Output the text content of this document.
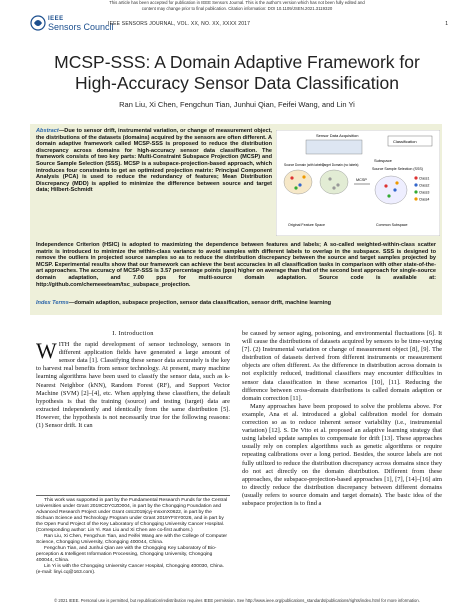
This article has been accepted for publication in IEEE Sensors Journal. This is the author's version which has not been fully edited and
content may change prior to final publication. Citation information: DOI 10.1109/JSEN.2021.3119320
IEEE
Sensors Council
IEEE SENSORS JOURNAL, VOL. XX, NO. XX, XXXX 2017	1
MCSP-SSS: A Domain Adaptive Framework for
High-Accuracy Sensor Data Classification
Ran Liu, Xi Chen, Fengchun Tian, Junhui Qian, Feifei Wang, and Lin Yi
Abstract—Due to sensor drift, instrumental variation, or change of measurement object, the distributions of the datasets (domains) acquired by the sensors are often different. A domain adaptive framework called MCSP-SSS is proposed to reduce the distribution discrepancy across domains for high-accuracy sensor data classification. The framework consists of two key parts: Multi-Constraint Subspace Projection (MCSP) and Source Sample Selection (SSS). MCSP is a subspace-projection-based approach, which introduces four constraints to get an optimized projection matrix: Principal Component Analysis (PCA) is used to reduce the redundancy of features; Mean Distribution Discrepancy (MDD) is applied to minimize the difference between source and target data; Hilbert-Schmidt
Sensor Data Acquisition
Classification
Subspace
Source Sample Selection (SSS)
Source Domain (with labels)
Target Domain (no labels)
MCSP	Class1
Class2
Class3
Class4
Original Feature Space	Common Subspace
Independence Criterion (HSIC) is adopted to maximizing the dependence between features and labels; A so-called weighted-within-class scatter matrix is introduced to minimize the within-class variance to avoid samples with different labels to overlap in the subspace. SSS is designed to remove the outliers in projected source samples so as to reduce the distribution discrepancy between the source and target samples projected by MCSP. Experimental results show that our framework can achieve the best accuracies in all classification tasks in comparison with other state-of-the-art approaches. The accuracy of MCSP-SSS is 3.57 percentage points (pps) higher on average than that of the second best approach for single-source domain adaptation, and 7.00 pps for multi-source domain adaptation. Source code is available at: http://github.com/chemeeeteam/tsc_subspace_projection.
Index Terms—domain adaption, subspace projection, sensor data classification, sensor drift, machine learning
I. Introduction

WITH the rapid development of sensor technology, sensors in different application fields have generated a large amount of sensor data [1]. Classifying these sensor data accurately is the key to harvest real benefits from sensor technology. At present, many machine learning algorithms have been used to classify the sensor data, such as k-Nearest Neighbor (kNN), Random Forest (RF), and Support Vector Machine (SVM) [2]–[4], etc. When applying these classifiers, the default hypothesis is that the training (source) and testing (target) data are extracted independently and identically from the same distribution [5]. However, the hypothesis is not necessarily true for the following reasons: (1) Sensor drift. It can

This work was supported in part by the Fundamental Research Funds for the Central Universities under Grant 2019CDYGZD004, in part by the Chongqing Foundation and Advanced Research Project under Grant cstc2019jcyj-msxmX0622, in part by the Sichuan Science and Technology Program under Grant 2019YFSY0026, and in part by the Open Fund Project of the Key Laboratory of Chongqing University Cancer Hospital. (Corresponding author: Lin Yi. Ran Liu and Xi Chen are co-first authors.)
Ran Liu, Xi Chen, Fengchun Tian, and Feifei Wang are with the College of Computer Science, Chongqing University, Chongqing 400044, China.
Fengchun Tian, and Junhui Qian are with the Chongqing Key Laboratory of Bio-perception & Intelligent Information Processing, Chongqing University, Chongqing 400044, China.
Lin Yi is with the Chongqing University Cancer Hospital, Chongqing 400030, China. (e-mail: linyi.cq@163.com).

be caused by sensor aging, poisoning, and environmental fluctuations [6]. It will cause the distributions of datasets acquired by sensors to be time-varying [7]. (2) Instrumental variation or change of measurement object [8], [9]. The distribution of datasets derived from different instruments or measurement objects are often different. As the difference in distribution across domain is not explicitly reduced, traditional classifiers may encounter difficulties in sensor data classification in these scenarios [10], [11]. Reducing the difference between cross-domain distributions is called domain adaption or domain correction [11].

Many approaches have been proposed to solve the problems above. For example, Ana et al. introduced a global calibration model for domain correction so as to reduce inherent sensor variability (i.e., instrumental variation) [12]. S. De Vito et al. proposed an adaptive learning strategy that using labeled update samples to compensate for drift [13]. These approaches usually rely on complex algorithms such as genetic algorithms or require repeating calibrations over a long period. Besides, the source labels are not fully utilized to reduce the distribution discrepancy across domains since they do not act directly on the domain distribution. Different from these approaches, the subspace-projection-based approaches [1], [7], [14]–[16] aim to directly reduce the distribution discrepancy between different domains (usually refers to source domain and target domain). The basic idea of the subspace projection is to find a

© 2021 IEEE. Personal use is permitted, but republication/redistribution requires IEEE permission. See http://www.ieee.org/publications_standards/publications/rights/index.html for more information.
